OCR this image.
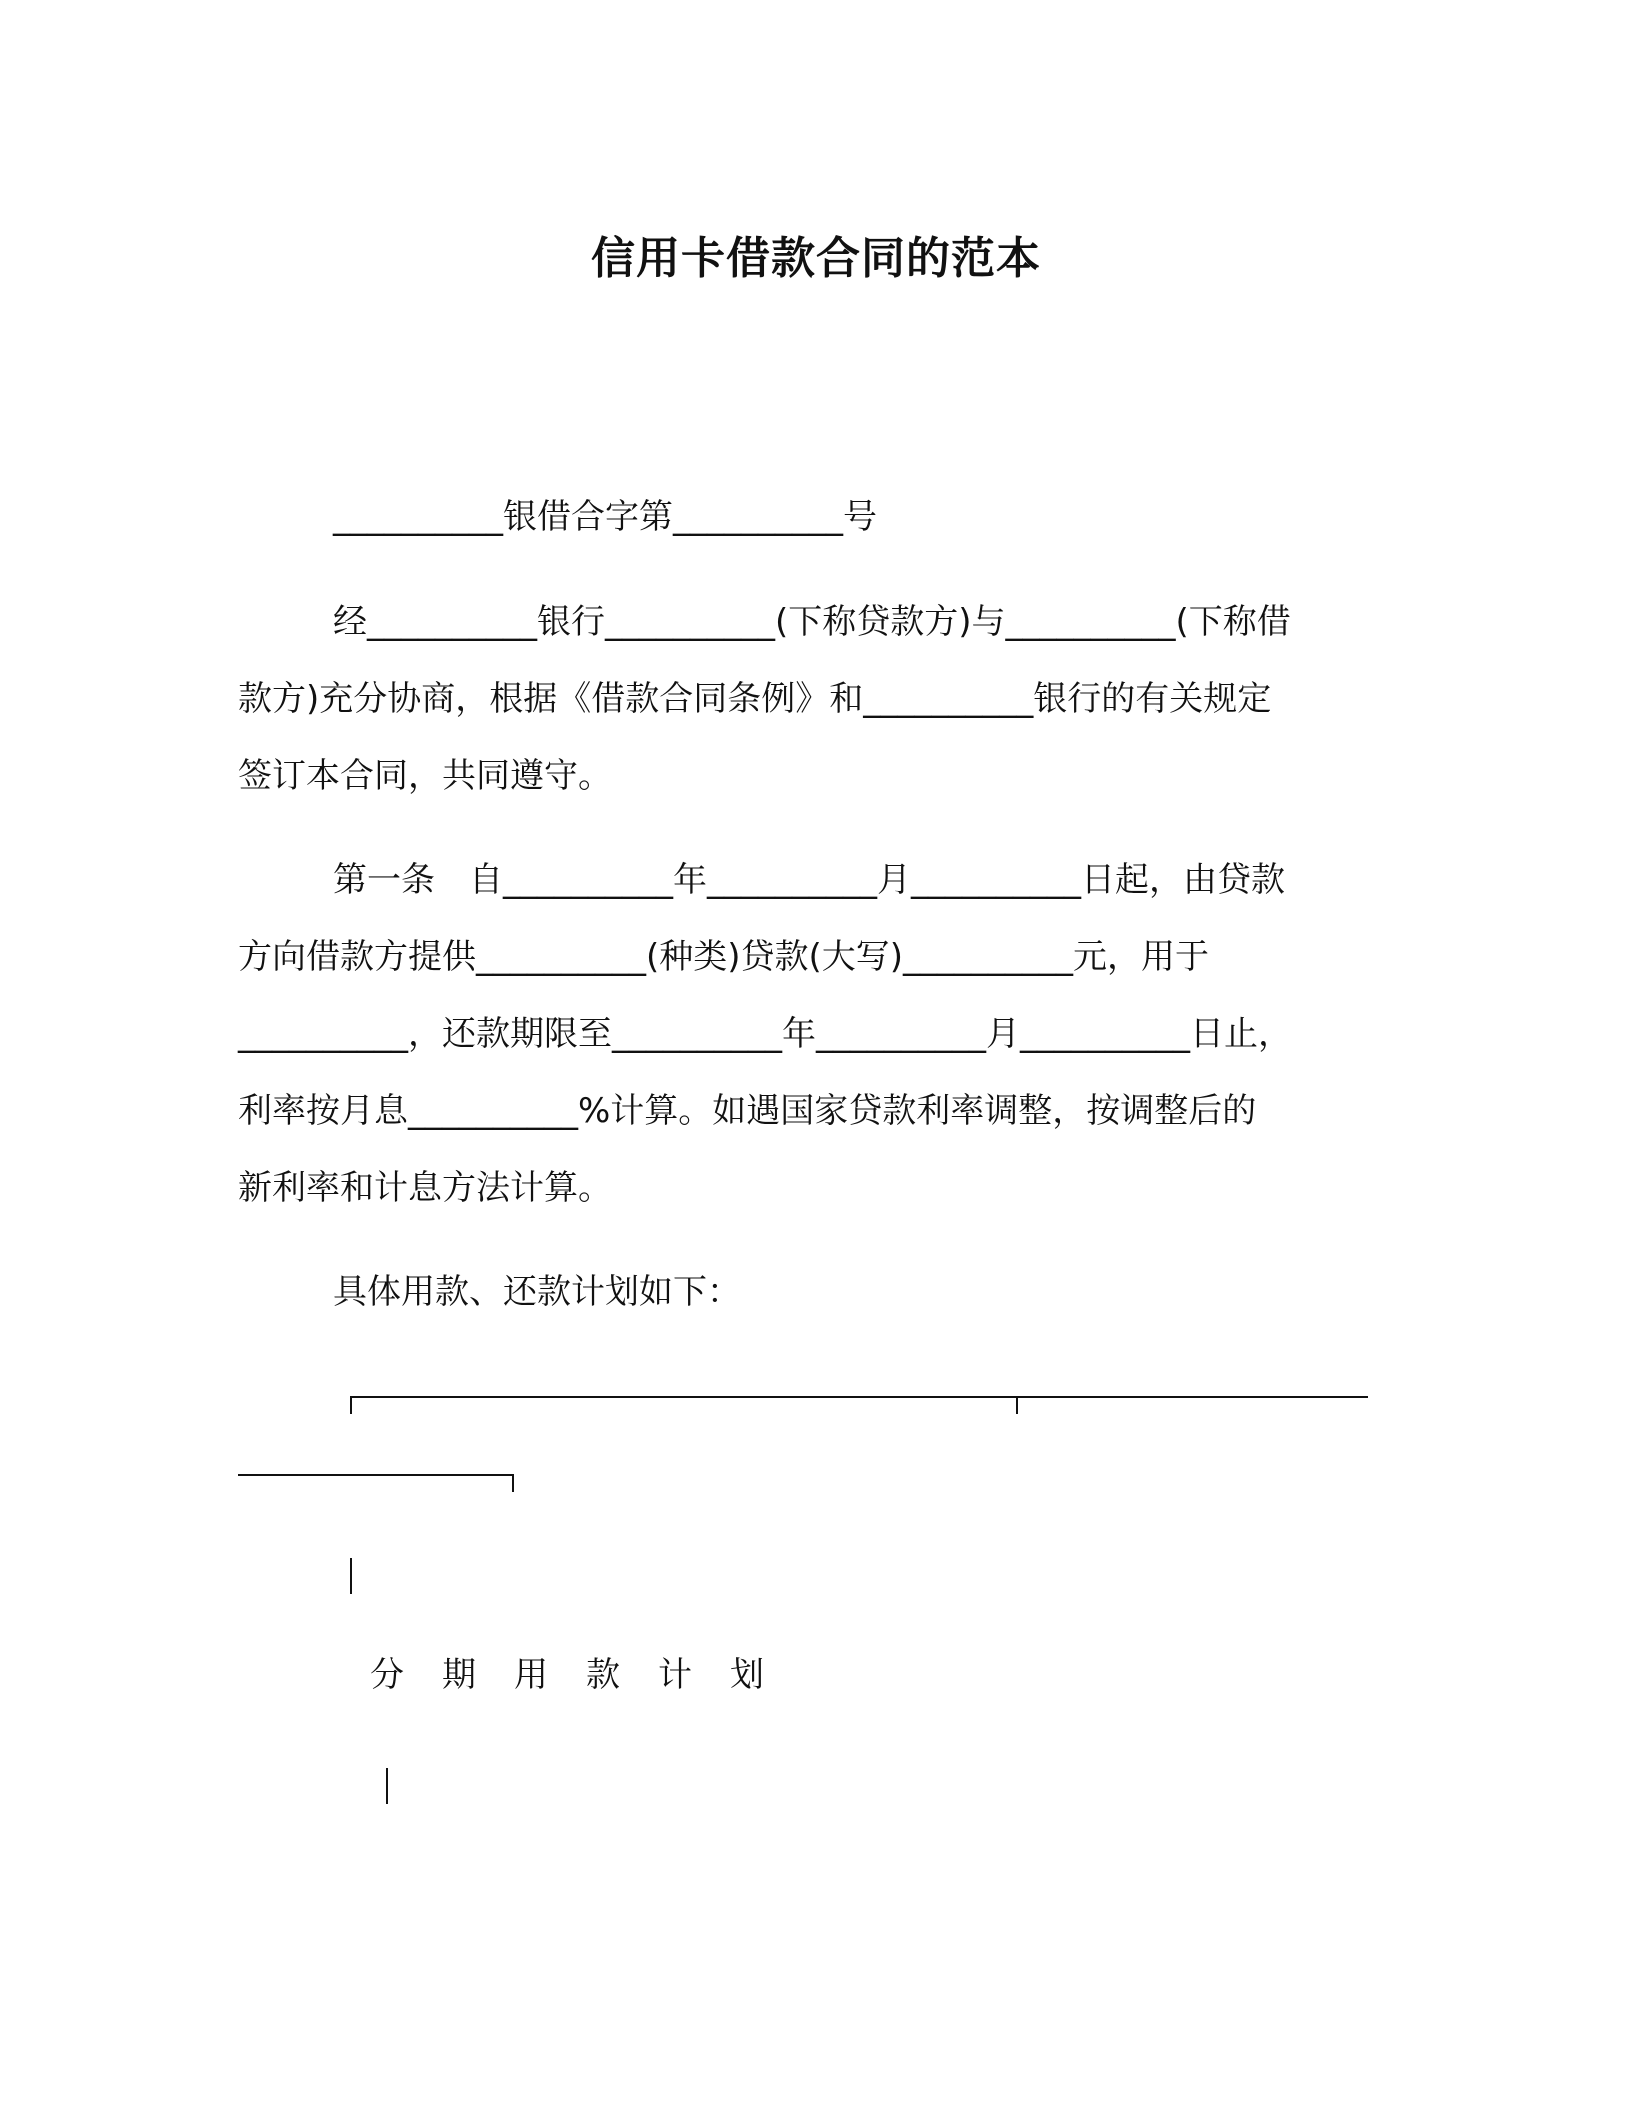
信用卡借款合同的范本
__________银借合字第__________号
经__________银行__________(下称贷款方)与__________(下称借
款方)充分协商，根据《借款合同条例》和__________银行的有关规定
签订本合同，共同遵守。
第一条　自__________年__________月__________日起，由贷款
方向借款方提供__________(种类)贷款(大写)__________元，用于
__________，还款期限至__________年__________月__________日止，
利率按月息__________%计算。如遇国家贷款利率调整，按调整后的
新利率和计息方法计算。
具体用款、还款计划如下：
分期用款计划
